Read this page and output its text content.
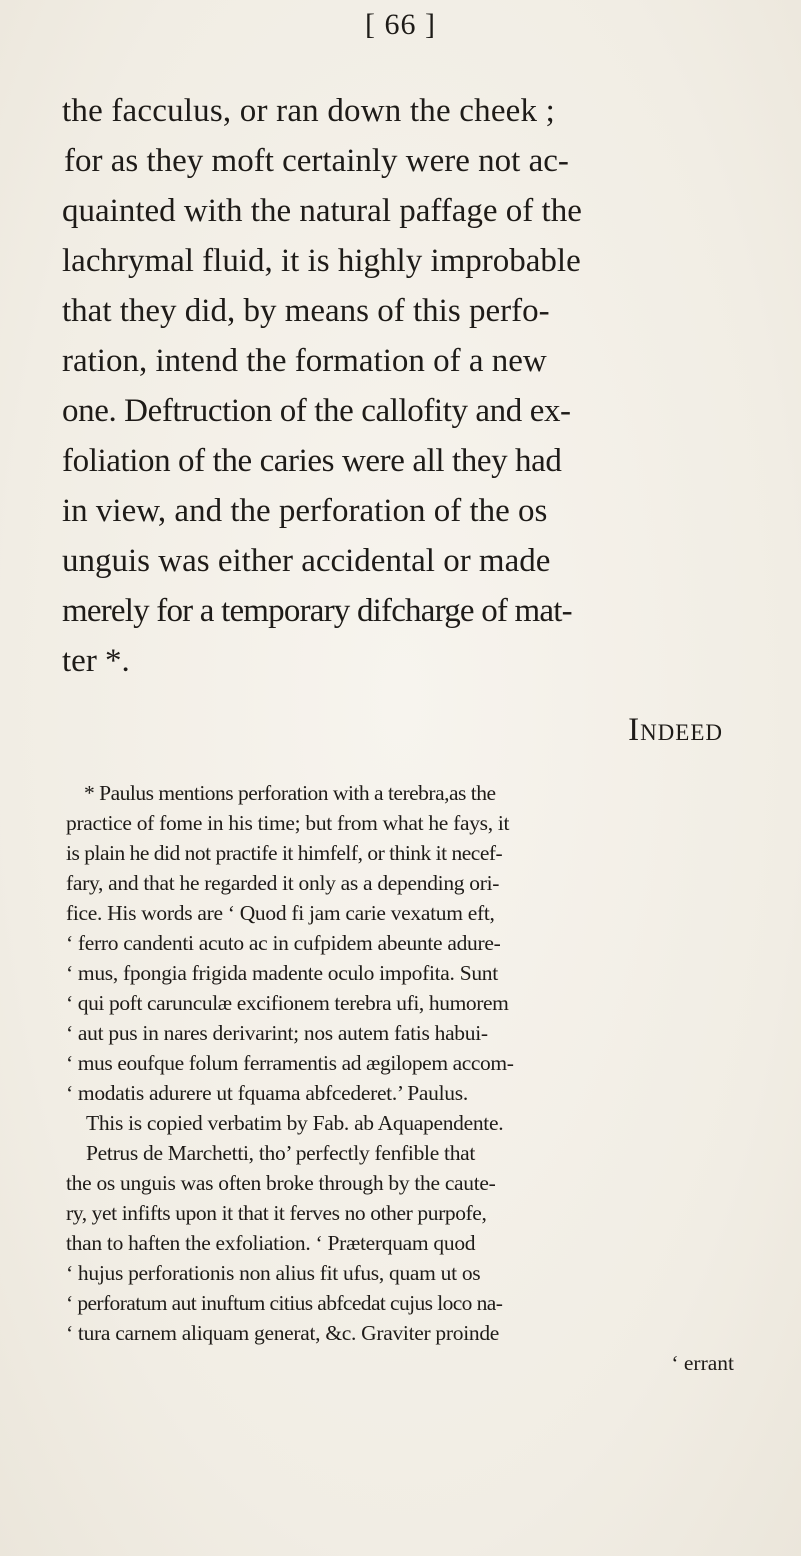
[ 66 ]
the facculus, or ran down the cheek ;
for as they moft certainly were not ac-
quainted with the natural paffage of the
lachrymal fluid, it is highly improbable
that they did, by means of this perfo-
ration, intend the formation of a new
one. Deftruction of the callofity and ex-
foliation of the caries were all they had
in view, and the perforation of the os
unguis was either accidental or made
merely for a temporary difcharge of mat-
ter *.
Indeed
* Paulus mentions perforation with a terebra,as the
practice of fome in his time; but from what he fays, it
is plain he did not practife it himfelf, or think it necef-
fary, and that he regarded it only as a depending ori-
fice. His words are ‘ Quod fi jam carie vexatum eft,
‘ ferro candenti acuto ac in cufpidem abeunte adure-
‘ mus, fpongia frigida madente oculo impofita. Sunt
‘ qui poft carunculæ excifionem terebra ufi, humorem
‘ aut pus in nares derivarint; nos autem fatis habui-
‘ mus eoufque folum ferramentis ad ægilopem accom-
‘ modatis adurere ut fquama abfcederet.’ Paulus.
This is copied verbatim by Fab. ab Aquapendente.
Petrus de Marchetti, tho’ perfectly fenfible that
the os unguis was often broke through by the caute-
ry, yet infifts upon it that it ferves no other purpofe,
than to haften the exfoliation. ‘ Præterquam quod
‘ hujus perforationis non alius fit ufus, quam ut os
‘ perforatum aut inuftum citius abfcedat cujus loco na-
‘ tura carnem aliquam generat, &c. Graviter proinde
‘ errant
